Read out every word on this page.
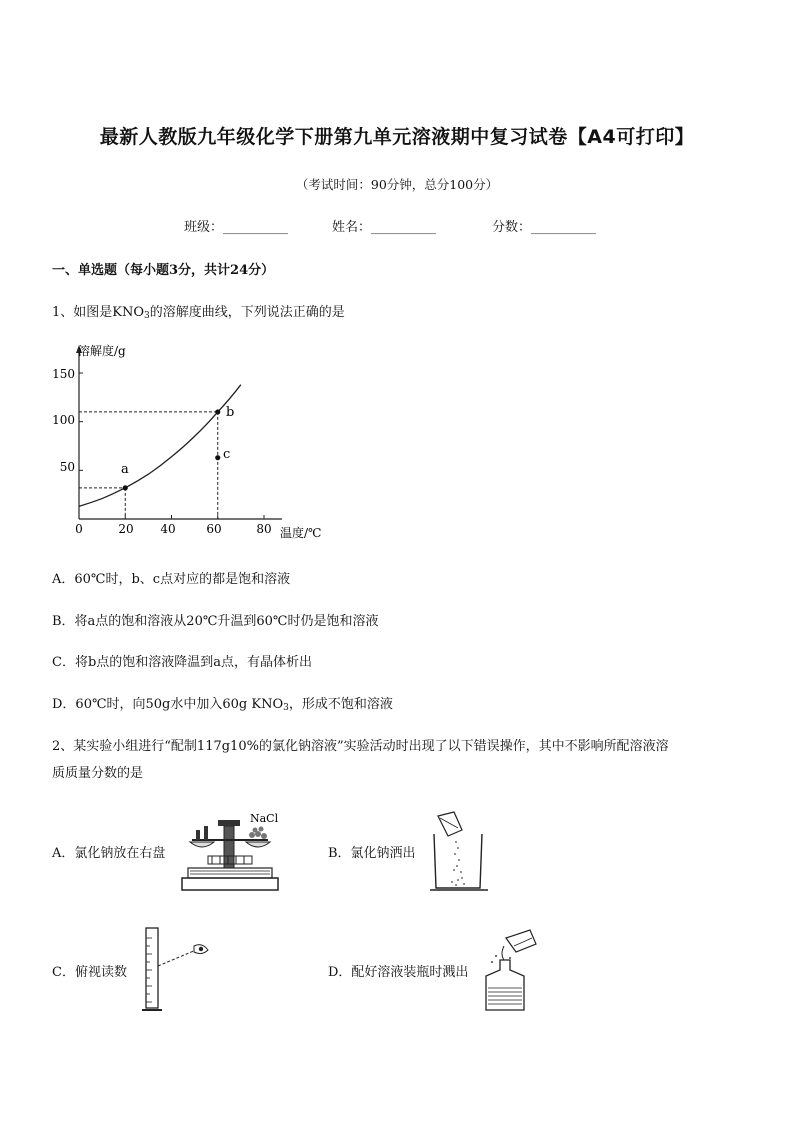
最新人教版九年级化学下册第九单元溶液期中复习试卷【A4可打印】
（考试时间：90分钟，总分100分）
班级：__________	姓名：__________	分数：__________
一、单选题（每小题3分，共计24分）
1、如图是KNO3的溶解度曲线，下列说法正确的是
溶解度/g
温度/℃
150
100
50
0	20 40	60	80
a
b
c
A．60℃时，b、c点对应的都是饱和溶液
B．将a点的饱和溶液从20℃升温到60℃时仍是饱和溶液
C．将b点的饱和溶液降温到a点，有晶体析出
D．60℃时，向50g水中加入60g KNO3，形成不饱和溶液
2、某实验小组进行“配制117g10%的氯化钠溶液”实验活动时出现了以下错误操作，其中不影响所配溶液溶
质质量分数的是
A．氯化钠放在右盘	B．氯化钠洒出
C．俯视读数	D．配好溶液装瓶时溅出
NaCl
